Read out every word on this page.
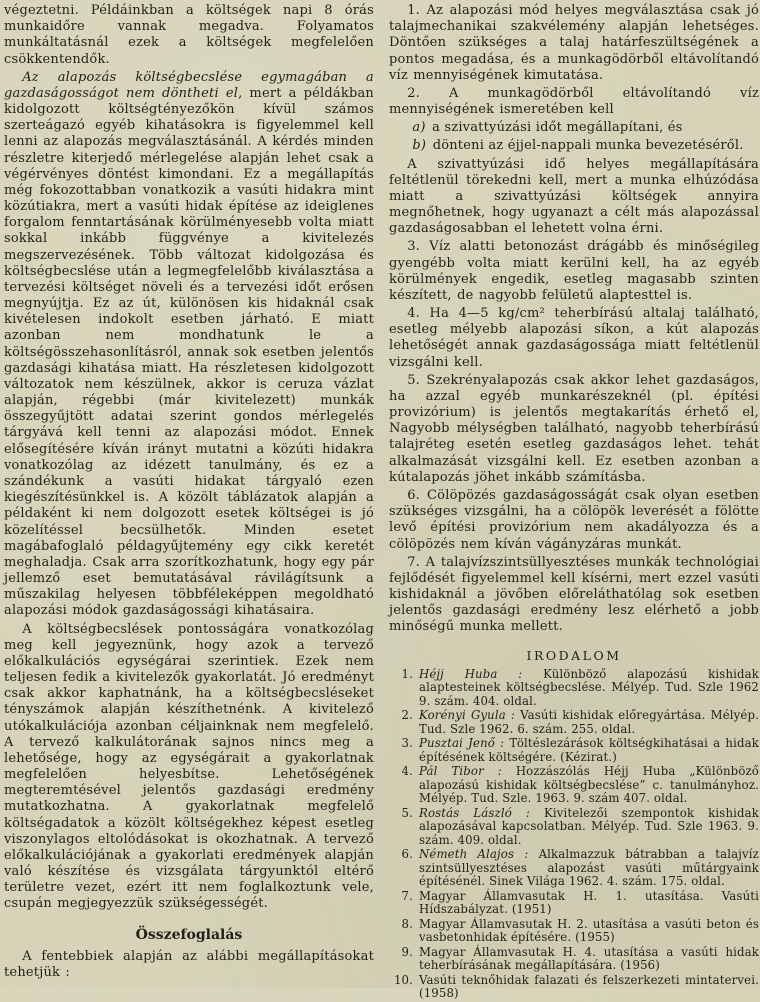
végeztetni. Példáinkban a költségek napi 8 órás munkaidőre vannak megadva. Folyamatos munkáltatásnál ezek a költségek megfelelően csökkentendők.

Az alapozás költségbecslése egymagában a gazdaságosságot nem döntheti el, mert a példákban kidolgozott költségtényezőkön kívül számos szerteágazó egyéb kihatásokra is figyelemmel kell lenni az alapozás megválasztásánál. A kérdés minden részletre kiterjedő mérlegelése alapján lehet csak a végérvényes döntést kimondani. Ez a megállapítás még fokozottabban vonatkozik a vasúti hidakra mint közútiakra, mert a vasúti hidak építése az ideiglenes forgalom fenntartásának körülményesebb volta miatt sokkal inkább függvénye a kivitelezés megszervezésének. Több változat kidolgozása és költségbecslése után a legmegfelelőbb kiválasztása a tervezési költséget növeli és a tervezési időt erősen megnyújtja. Ez az út, különösen kis hidaknál csak kivételesen indokolt esetben járható. E miatt azonban nem mondhatunk le a költségösszehasonlításról, annak sok esetben jelentős gazdasági kihatása miatt. Ha részletesen kidolgozott változatok nem készülnek, akkor is ceruza vázlat alapján, régebbi (már kivitelezett) munkák összegyűjtött adatai szerint gondos mérlegelés tárgyává kell tenni az alapozási módot. Ennek elősegítésére kíván irányt mutatni a közúti hidakra vonatkozólag az idézett tanulmány, és ez a szándékunk a vasúti hidakat tárgyaló ezen kiegészítésünkkel is. A közölt táblázatok alapján a példaként ki nem dolgozott esetek költségei is jó közelítéssel becsülhetők. Minden esetet magábafoglaló példagyűjtemény egy cikk keretét meghaladja. Csak arra szorítkozhatunk, hogy egy pár jellemző eset bemutatásával rávilágítsunk a műszakilag helyesen többféleképpen megoldható alapozási módok gazdaságossági kihatásaira.

A költségbecslések pontosságára vonatkozólag meg kell jegyeznünk, hogy azok a tervező előkalkulációs egységárai szerintiek. Ezek nem teljesen fedik a kivitelezők gyakorlatát. Jó eredményt csak akkor kaphatnánk, ha a költségbecsléseket tényszámok alapján készíthetnénk. A kivitelező utókalkulációja azonban céljainknak nem megfelelő. A tervező kalkulátorának sajnos nincs meg a lehetősége, hogy az egységárait a gyakorlatnak megfelelően helyesbítse. Lehetőségének megteremtésével jelentős gazdasági eredmény mutatkozhatna. A gyakorlatnak megfelelő költségadatok a közölt költségekhez képest esetleg viszonylagos eltolódásokat is okozhatnak. A tervező előkalkulációjának a gyakorlati eredmények alapján való készítése és vizsgálata tárgyunktól eltérő területre vezet, ezért itt nem foglalkoztunk vele, csupán megjegyezzük szükségességét.

Összefoglalás

A fentebbiek alapján az alábbi megállapításokat tehetjük :

1. Az alapozási mód helyes megválasztása csak jó talajmechanikai szakvélemény alapján lehetséges. Döntően szükséges a talaj határfeszültségének a pontos megadása, és a munkagödörből eltávolítandó víz mennyiségének kimutatása.

2. A munkagödörből eltávolítandó víz mennyiségének ismeretében kell

a) a szivattyúzási időt megállapítani, és

b) dönteni az éjjel-nappali munka bevezetéséről.

A szivattyúzási idő helyes megállapítására feltétlenül törekedni kell, mert a munka elhúzódása miatt a szivattyúzási költségek annyira megnőhetnek, hogy ugyanazt a célt más alapozással gazdaságosabban el lehetett volna érni.

3. Víz alatti betonozást drágább és minőségileg gyengébb volta miatt kerülni kell, ha az egyéb körülmények engedik, esetleg magasabb szinten készített, de nagyobb felületű alaptesttel is.

4. Ha 4—5 kg/cm² teherbírású altalaj található, esetleg mélyebb alapozási síkon, a kút alapozás lehetőségét annak gazdaságossága miatt feltétlenül vizsgálni kell.

5. Szekrényalapozás csak akkor lehet gazdaságos, ha azzal egyéb munkarészeknél (pl. építési provizórium) is jelentős megtakarítás érhető el, Nagyobb mélységben található, nagyobb teherbírású talajréteg esetén esetleg gazdaságos lehet. tehát alkalmazását vizsgálni kell. Ez esetben azonban a kútalapozás jöhet inkább számításba.

6. Cölöpözés gazdaságosságát csak olyan esetben szükséges vizsgálni, ha a cölöpök leverését a fölötte levő építési provizórium nem akadályozza és a cölöpözés nem kíván vágányzáras munkát.

7. A talajvízszintsüllyesztéses munkák technológiai fejlődését figyelemmel kell kísérni, mert ezzel vasúti kishidaknál a jövőben előreláthatólag sok esetben jelentős gazdasági eredmény lesz elérhető a jobb minőségű munka mellett.

IRODALOM
1. Héjj Huba : Különböző alapozású kishidak alaptesteinek költségbecslése. Mélyép. Tud. Szle 1962 9. szám. 404. oldal.
2. Korényi Gyula : Vasúti kishidak előregyártása. Mélyép. Tud. Szle 1962. 6. szám. 255. oldal.
3. Pusztai Jenő : Töltéslezárások költségkihatásai a hidak építésének költségére. (Kézirat.)
4. Pál Tibor : Hozzászólás Héjj Huba „Különböző alapozású kishidak költségbecslése” c. tanulmányhoz. Mélyép. Tud. Szle. 1963. 9. szám 407. oldal.
5. Rostás László : Kivitelezői szempontok kishidak alapozásával kapcsolatban. Mélyép. Tud. Szle 1963. 9. szám. 409. oldal.
6. Németh Alajos : Alkalmazzuk bátrabban a talajvíz szintsüllyesztéses alapozást vasúti műtárgyaink építésénél. Sinek Világa 1962. 4. szám. 175. oldal.
7. Magyar Államvasutak H. 1. utasítása. Vasúti Hídszabályzat. (1951)
8. Magyar Államvasutak H. 2. utasítása a vasúti beton és vasbetonhidak építésére. (1955)
9. Magyar Államvasutak H. 4. utasítása a vasúti hidak teherbírásának megállapítására. (1956)
10. Vasúti teknőhidak falazati és felszerkezeti mintatervei. (1958)
